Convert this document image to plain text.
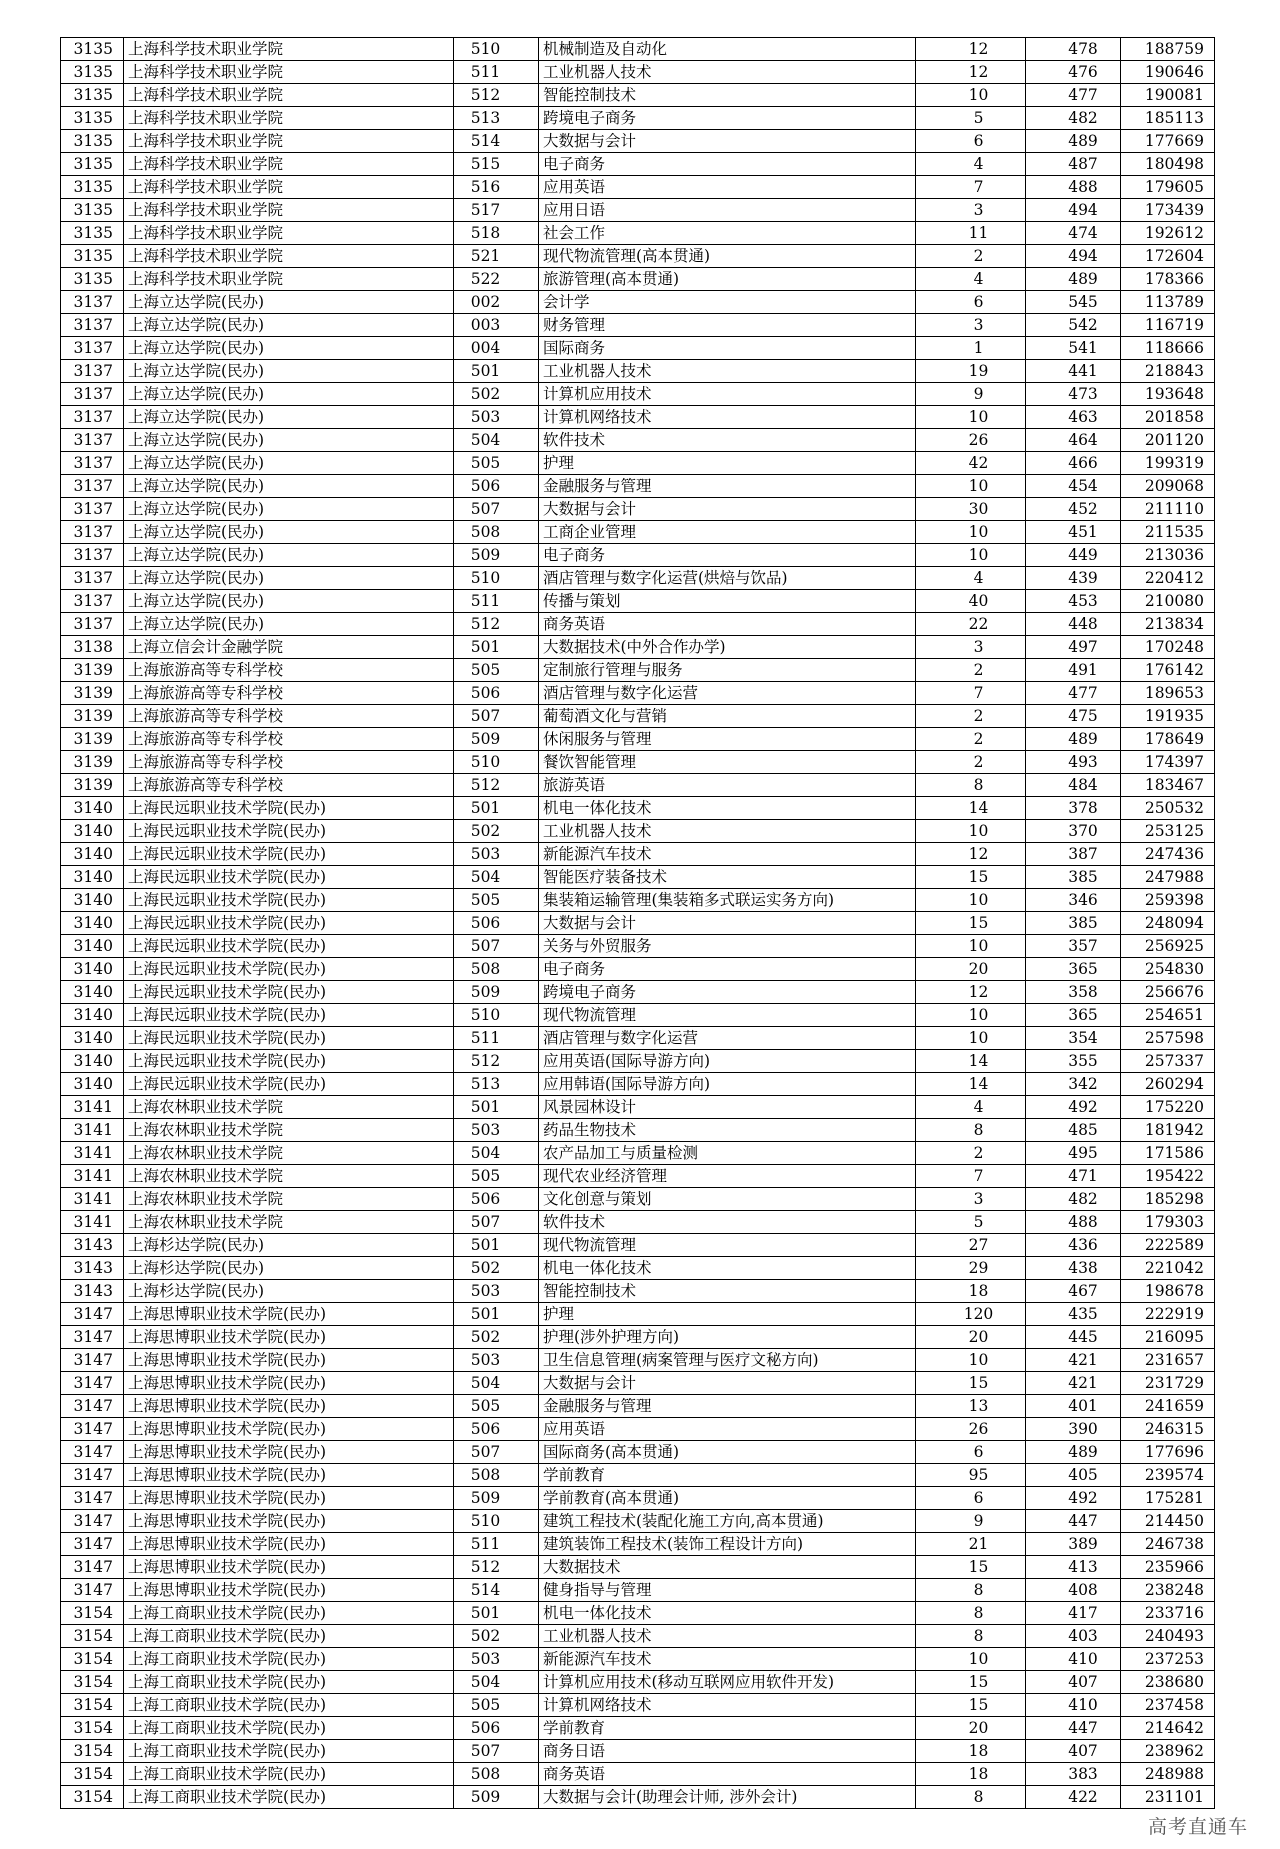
3135	上海科学技术职业学院	510	机械制造及自动化	12	478	188759
3135	上海科学技术职业学院	511	工业机器人技术	12	476	190646
3135	上海科学技术职业学院	512	智能控制技术	10	477	190081
3135	上海科学技术职业学院	513	跨境电子商务	5	482	185113
3135	上海科学技术职业学院	514	大数据与会计	6	489	177669
3135	上海科学技术职业学院	515	电子商务	4	487	180498
3135	上海科学技术职业学院	516	应用英语	7	488	179605
3135	上海科学技术职业学院	517	应用日语	3	494	173439
3135	上海科学技术职业学院	518	社会工作	11	474	192612
3135	上海科学技术职业学院	521	现代物流管理(高本贯通)	2	494	172604
3135	上海科学技术职业学院	522	旅游管理(高本贯通)	4	489	178366
3137	上海立达学院(民办)	002	会计学	6	545	113789
3137	上海立达学院(民办)	003	财务管理	3	542	116719
3137	上海立达学院(民办)	004	国际商务	1	541	118666
3137	上海立达学院(民办)	501	工业机器人技术	19	441	218843
3137	上海立达学院(民办)	502	计算机应用技术	9	473	193648
3137	上海立达学院(民办)	503	计算机网络技术	10	463	201858
3137	上海立达学院(民办)	504	软件技术	26	464	201120
3137	上海立达学院(民办)	505	护理	42	466	199319
3137	上海立达学院(民办)	506	金融服务与管理	10	454	209068
3137	上海立达学院(民办)	507	大数据与会计	30	452	211110
3137	上海立达学院(民办)	508	工商企业管理	10	451	211535
3137	上海立达学院(民办)	509	电子商务	10	449	213036
3137	上海立达学院(民办)	510	酒店管理与数字化运营(烘焙与饮品)	4	439	220412
3137	上海立达学院(民办)	511	传播与策划	40	453	210080
3137	上海立达学院(民办)	512	商务英语	22	448	213834
3138	上海立信会计金融学院	501	大数据技术(中外合作办学)	3	497	170248
3139	上海旅游高等专科学校	505	定制旅行管理与服务	2	491	176142
3139	上海旅游高等专科学校	506	酒店管理与数字化运营	7	477	189653
3139	上海旅游高等专科学校	507	葡萄酒文化与营销	2	475	191935
3139	上海旅游高等专科学校	509	休闲服务与管理	2	489	178649
3139	上海旅游高等专科学校	510	餐饮智能管理	2	493	174397
3139	上海旅游高等专科学校	512	旅游英语	8	484	183467
3140	上海民远职业技术学院(民办)	501	机电一体化技术	14	378	250532
3140	上海民远职业技术学院(民办)	502	工业机器人技术	10	370	253125
3140	上海民远职业技术学院(民办)	503	新能源汽车技术	12	387	247436
3140	上海民远职业技术学院(民办)	504	智能医疗装备技术	15	385	247988
3140	上海民远职业技术学院(民办)	505	集装箱运输管理(集装箱多式联运实务方向)	10	346	259398
3140	上海民远职业技术学院(民办)	506	大数据与会计	15	385	248094
3140	上海民远职业技术学院(民办)	507	关务与外贸服务	10	357	256925
3140	上海民远职业技术学院(民办)	508	电子商务	20	365	254830
3140	上海民远职业技术学院(民办)	509	跨境电子商务	12	358	256676
3140	上海民远职业技术学院(民办)	510	现代物流管理	10	365	254651
3140	上海民远职业技术学院(民办)	511	酒店管理与数字化运营	10	354	257598
3140	上海民远职业技术学院(民办)	512	应用英语(国际导游方向)	14	355	257337
3140	上海民远职业技术学院(民办)	513	应用韩语(国际导游方向)	14	342	260294
3141	上海农林职业技术学院	501	风景园林设计	4	492	175220
3141	上海农林职业技术学院	503	药品生物技术	8	485	181942
3141	上海农林职业技术学院	504	农产品加工与质量检测	2	495	171586
3141	上海农林职业技术学院	505	现代农业经济管理	7	471	195422
3141	上海农林职业技术学院	506	文化创意与策划	3	482	185298
3141	上海农林职业技术学院	507	软件技术	5	488	179303
3143	上海杉达学院(民办)	501	现代物流管理	27	436	222589
3143	上海杉达学院(民办)	502	机电一体化技术	29	438	221042
3143	上海杉达学院(民办)	503	智能控制技术	18	467	198678
3147	上海思博职业技术学院(民办)	501	护理	120	435	222919
3147	上海思博职业技术学院(民办)	502	护理(涉外护理方向)	20	445	216095
3147	上海思博职业技术学院(民办)	503	卫生信息管理(病案管理与医疗文秘方向)	10	421	231657
3147	上海思博职业技术学院(民办)	504	大数据与会计	15	421	231729
3147	上海思博职业技术学院(民办)	505	金融服务与管理	13	401	241659
3147	上海思博职业技术学院(民办)	506	应用英语	26	390	246315
3147	上海思博职业技术学院(民办)	507	国际商务(高本贯通)	6	489	177696
3147	上海思博职业技术学院(民办)	508	学前教育	95	405	239574
3147	上海思博职业技术学院(民办)	509	学前教育(高本贯通)	6	492	175281
3147	上海思博职业技术学院(民办)	510	建筑工程技术(装配化施工方向,高本贯通)	9	447	214450
3147	上海思博职业技术学院(民办)	511	建筑装饰工程技术(装饰工程设计方向)	21	389	246738
3147	上海思博职业技术学院(民办)	512	大数据技术	15	413	235966
3147	上海思博职业技术学院(民办)	514	健身指导与管理	8	408	238248
3154	上海工商职业技术学院(民办)	501	机电一体化技术	8	417	233716
3154	上海工商职业技术学院(民办)	502	工业机器人技术	8	403	240493
3154	上海工商职业技术学院(民办)	503	新能源汽车技术	10	410	237253
3154	上海工商职业技术学院(民办)	504	计算机应用技术(移动互联网应用软件开发)	15	407	238680
3154	上海工商职业技术学院(民办)	505	计算机网络技术	15	410	237458
3154	上海工商职业技术学院(民办)	506	学前教育	20	447	214642
3154	上海工商职业技术学院(民办)	507	商务日语	18	407	238962
3154	上海工商职业技术学院(民办)	508	商务英语	18	383	248988
3154	上海工商职业技术学院(民办)	509	大数据与会计(助理会计师, 涉外会计)	8	422	231101
高考直通车
